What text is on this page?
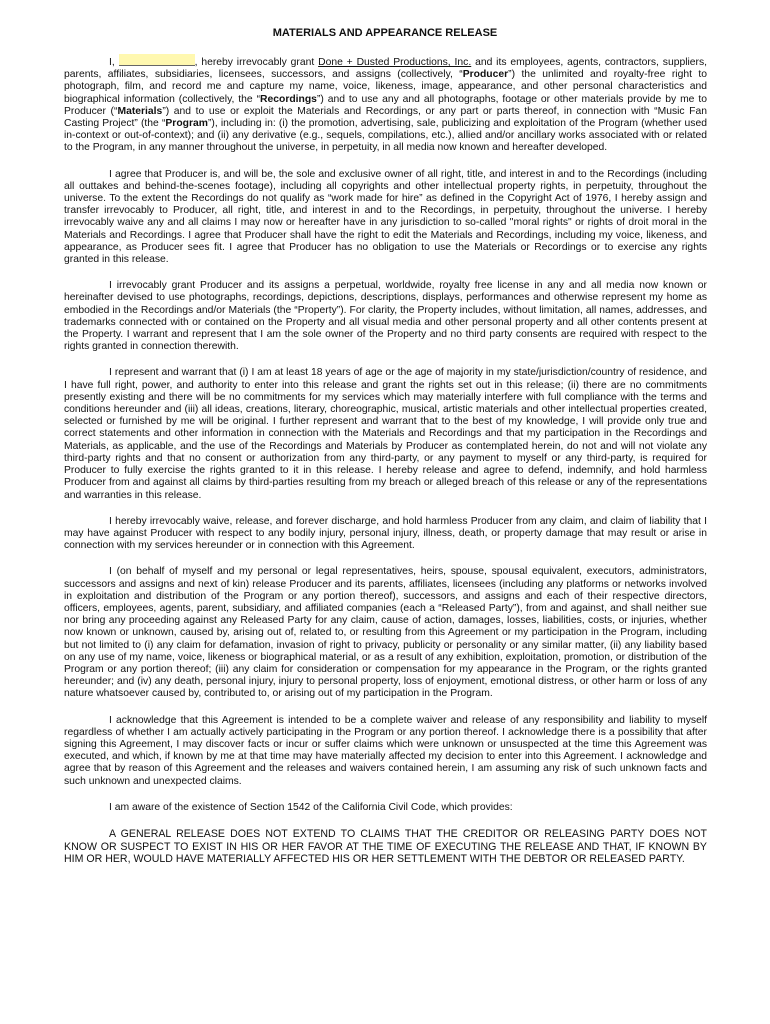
MATERIALS AND APPEARANCE RELEASE

I,	, hereby irrevocably grant Done + Dusted Productions, Inc. and its employees, agents, contractors, suppliers, parents, affiliates, subsidiaries, licensees, successors, and assigns (collectively, “Producer”) the unlimited and royalty-free right to photograph, film, and record me and capture my name, voice, likeness, image, appearance, and other personal characteristics and biographical information (collectively, the “Recordings”) and to use any and all photographs, footage or other materials provide by me to Producer (“Materials”) and to use or exploit the Materials and Recordings, or any part or parts thereof, in connection with “Music Fan Casting Project” (the “Program”), including in: (i) the promotion, advertising, sale, publicizing and exploitation of the Program (whether used in-context or out-of-context); and (ii) any derivative (e.g., sequels, compilations, etc.), allied and/or ancillary works associated with or related to the Program, in any manner throughout the universe, in perpetuity, in all media now known and hereafter developed.

I agree that Producer is, and will be, the sole and exclusive owner of all right, title, and interest in and to the Recordings (including all outtakes and behind-the-scenes footage), including all copyrights and other intellectual property rights, in perpetuity, throughout the universe. To the extent the Recordings do not qualify as “work made for hire” as defined in the Copyright Act of 1976, I hereby assign and transfer irrevocably to Producer, all right, title, and interest in and to the Recordings, in perpetuity, throughout the universe. I hereby irrevocably waive any and all claims I may now or hereafter have in any jurisdiction to so-called "moral rights" or rights of droit moral in the Materials and Recordings. I agree that Producer shall have the right to edit the Materials and Recordings, including my voice, likeness, and appearance, as Producer sees fit. I agree that Producer has no obligation to use the Materials or Recordings or to exercise any rights granted in this release.

I irrevocably grant Producer and its assigns a perpetual, worldwide, royalty free license in any and all media now known or hereinafter devised to use photographs, recordings, depictions, descriptions, displays, performances and otherwise represent my home as embodied in the Recordings and/or Materials (the “Property”). For clarity, the Property includes, without limitation, all names, addresses, and trademarks connected with or contained on the Property and all visual media and other personal property and all other contents present at the Property. I warrant and represent that I am the sole owner of the Property and no third party consents are required with respect to the rights granted in connection therewith.

I represent and warrant that (i) I am at least 18 years of age or the age of majority in my state/jurisdiction/country of residence, and I have full right, power, and authority to enter into this release and grant the rights set out in this release; (ii) there are no commitments presently existing and there will be no commitments for my services which may materially interfere with full compliance with the terms and conditions hereunder and (iii) all ideas, creations, literary, choreographic, musical, artistic materials and other intellectual properties created, selected or furnished by me will be original. I further represent and warrant that to the best of my knowledge, I will provide only true and correct statements and other information in connection with the Materials and Recordings and that my participation in the Recordings and Materials, as applicable, and the use of the Recordings and Materials by Producer as contemplated herein, do not and will not violate any third-party rights and that no consent or authorization from any third-party, or any payment to myself or any third-party, is required for Producer to fully exercise the rights granted to it in this release. I hereby release and agree to defend, indemnify, and hold harmless Producer from and against all claims by third-parties resulting from my breach or alleged breach of this release or any of the representations and warranties in this release.

I hereby irrevocably waive, release, and forever discharge, and hold harmless Producer from any claim, and claim of liability that I may have against Producer with respect to any bodily injury, personal injury, illness, death, or property damage that may result or arise in connection with my services hereunder or in connection with this Agreement.

I (on behalf of myself and my personal or legal representatives, heirs, spouse, spousal equivalent, executors, administrators, successors and assigns and next of kin) release Producer and its parents, affiliates, licensees (including any platforms or networks involved in exploitation and distribution of the Program or any portion thereof), successors, and assigns and each of their respective directors, officers, employees, agents, parent, subsidiary, and affiliated companies (each a “Released Party”), from and against, and shall neither sue nor bring any proceeding against any Released Party for any claim, cause of action, damages, losses, liabilities, costs, or injuries, whether now known or unknown, caused by, arising out of, related to, or resulting from this Agreement or my participation in the Program, including but not limited to (i) any claim for defamation, invasion of right to privacy, publicity or personality or any similar matter, (ii) any liability based on any use of my name, voice, likeness or biographical material, or as a result of any exhibition, exploitation, promotion, or distribution of the Program or any portion thereof; (iii) any claim for consideration or compensation for my appearance in the Program, or the rights granted hereunder; and (iv) any death, personal injury, injury to personal property, loss of enjoyment, emotional distress, or other harm or loss of any nature whatsoever caused by, contributed to, or arising out of my participation in the Program.

I acknowledge that this Agreement is intended to be a complete waiver and release of any responsibility and liability to myself regardless of whether I am actually actively participating in the Program or any portion thereof. I acknowledge there is a possibility that after signing this Agreement, I may discover facts or incur or suffer claims which were unknown or unsuspected at the time this Agreement was executed, and which, if known by me at that time may have materially affected my decision to enter into this Agreement. I acknowledge and agree that by reason of this Agreement and the releases and waivers contained herein, I am assuming any risk of such unknown facts and such unknown and unexpected claims.

I am aware of the existence of Section 1542 of the California Civil Code, which provides:

A GENERAL RELEASE DOES NOT EXTEND TO CLAIMS THAT THE CREDITOR OR RELEASING PARTY DOES NOT KNOW OR SUSPECT TO EXIST IN HIS OR HER FAVOR AT THE TIME OF EXECUTING THE RELEASE AND THAT, IF KNOWN BY HIM OR HER, WOULD HAVE MATERIALLY AFFECTED HIS OR HER SETTLEMENT WITH THE DEBTOR OR RELEASED PARTY.
